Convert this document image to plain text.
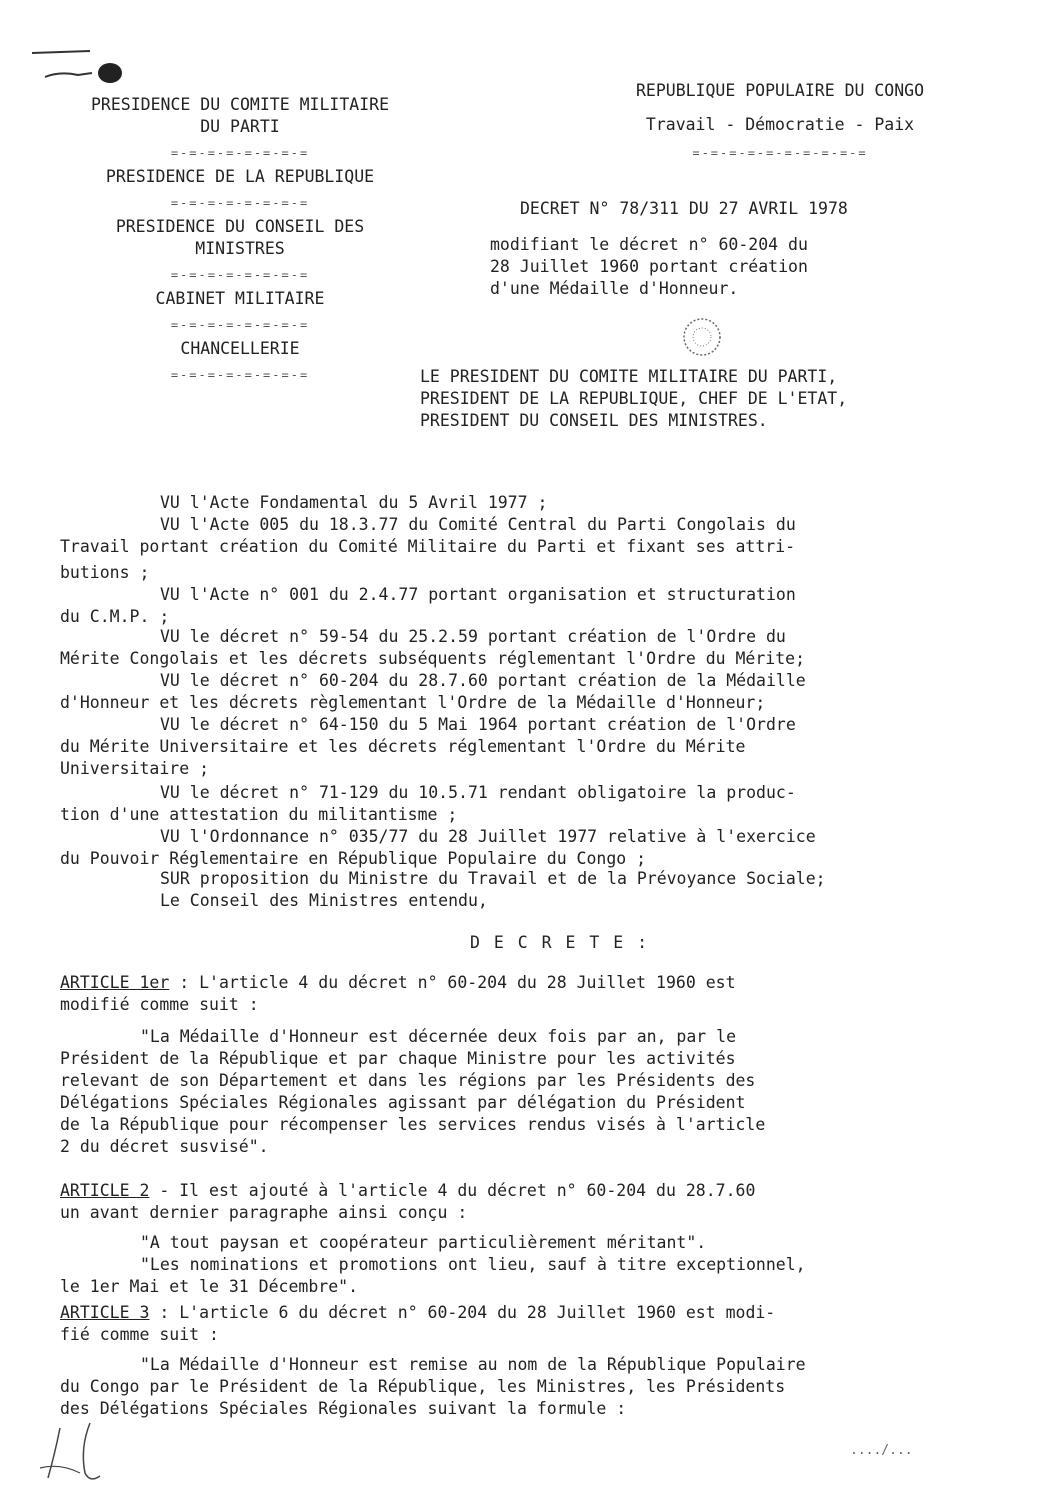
PRESIDENCE DU COMITE MILITAIRE
DU PARTI
=-=-=-=-=-=-=-=
PRESIDENCE DE LA REPUBLIQUE
=-=-=-=-=-=-=-=
PRESIDENCE DU CONSEIL DES
MINISTRES
=-=-=-=-=-=-=-=
CABINET MILITAIRE
=-=-=-=-=-=-=-=
CHANCELLERIE
=-=-=-=-=-=-=-=
REPUBLIQUE POPULAIRE DU CONGO
Travail - Démocratie - Paix
=-=-=-=-=-=-=-=-=-=
DECRET N° 78/311 DU 27 AVRIL 1978
modifiant le décret n° 60-204 du
28 Juillet 1960 portant création
d'une Médaille d'Honneur.
LE PRESIDENT DU COMITE MILITAIRE DU PARTI,
PRESIDENT DE LA REPUBLIQUE, CHEF DE L'ETAT,
PRESIDENT DU CONSEIL DES MINISTRES.
VU l'Acte Fondamental du 5 Avril 1977 ;
VU l'Acte 005 du 18.3.77 du Comité Central du Parti Congolais du
Travail portant création du Comité Militaire du Parti et fixant ses attri-
butions ;
VU l'Acte n° 001 du 2.4.77 portant organisation et structuration
du C.M.P. ;
VU le décret n° 59-54 du 25.2.59 portant création de l'Ordre du
Mérite Congolais et les décrets subséquents réglementant l'Ordre du Mérite;
VU le décret n° 60-204 du 28.7.60 portant création de la Médaille
d'Honneur et les décrets règlementant l'Ordre de la Médaille d'Honneur;
VU le décret n° 64-150 du 5 Mai 1964 portant création de l'Ordre
du Mérite Universitaire et les décrets réglementant l'Ordre du Mérite
Universitaire ;
VU le décret n° 71-129 du 10.5.71 rendant obligatoire la produc-
tion d'une attestation du militantisme ;
VU l'Ordonnance n° 035/77 du 28 Juillet 1977 relative à l'exercice
du Pouvoir Réglementaire en République Populaire du Congo ;
SUR proposition du Ministre du Travail et de la Prévoyance Sociale;
Le Conseil des Ministres entendu,
D E C R E T E :
ARTICLE 1er : L'article 4 du décret n° 60-204 du 28 Juillet 1960 est
modifié comme suit :
"La Médaille d'Honneur est décernée deux fois par an, par le
Président de la République et par chaque Ministre pour les activités
relevant de son Département et dans les régions par les Présidents des
Délégations Spéciales Régionales agissant par délégation du Président
de la République pour récompenser les services rendus visés à l'article
2 du décret susvisé".
ARTICLE 2 - Il est ajouté à l'article 4 du décret n° 60-204 du 28.7.60
un avant dernier paragraphe ainsi conçu :
"A tout paysan et coopérateur particulièrement méritant".
"Les nominations et promotions ont lieu, sauf à titre exceptionnel,
le 1er Mai et le 31 Décembre".
ARTICLE 3 : L'article 6 du décret n° 60-204 du 28 Juillet 1960 est modi-
fié comme suit :
"La Médaille d'Honneur est remise au nom de la République Populaire
du Congo par le Président de la République, les Ministres, les Présidents
des Délégations Spéciales Régionales suivant la formule :
..../...
